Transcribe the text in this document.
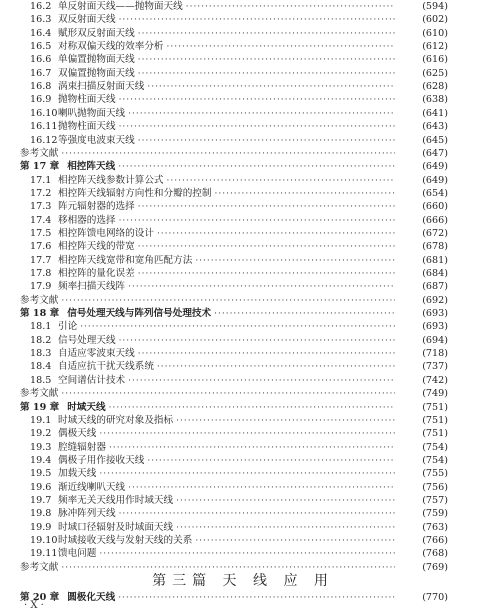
16.2 单反射面天线——抛物面天线 ·····	(594)
16.3 双反射面天线 ·····	(602)
16.4 赋形双反射面天线 ·····	(610)
16.5 对称双偏天线的效率分析 ·····	(612)
16.6 单偏置抛物面天线 ·····	(616)
16.7 双偏置抛物面天线 ·····	(625)
16.8 涡束扫描反射面天线 ·····	(628)
16.9 抛物柱面天线 ·····	(638)
16.10 喇叭抛物面天线 ·····	(641)
16.11 抛物柱面天线 ·····	(643)
16.12 等强度电波束天线 ·····	(645)
参考文献 ·····	(647)
第 17 章 相控阵天线 ·····	(649)
17.1 相控阵天线参数计算公式 ·····	(649)
17.2 相控阵天线辐射方向性和分瓣的控制 ·····	(654)
17.3 阵元辐射器的选择 ·····	(660)
17.4 移相器的选择 ·····	(666)
17.5 相控阵馈电网络的设计 ·····	(672)
17.6 相控阵天线的带宽 ·····	(678)
17.7 相控阵天线宽带和宽角匹配方法 ·····	(681)
17.8 相控阵的量化误差 ·····	(684)
17.9 频率扫描天线阵 ·····	(687)
参考文献 ·····	(692)
第 18 章 信号处理天线与阵列信号处理技术 ·····	(693)
18.1 引论 ·····	(693)
18.2 信号处理天线 ·····	(694)
18.3 自适应零波束天线 ·····	(718)
18.4 自适应抗干扰天线系统 ·····	(737)
18.5 空间谱估计技术 ·····	(742)
参考文献 ·····	(749)
第 19 章 时域天线 ·····	(751)
19.1 时域天线的研究对象及指标 ·····	(751)
19.2 偶极天线 ·····	(751)
19.3 腔缝辐射器 ·····	(754)
19.4 偶极子用作接收天线 ·····	(754)
19.5 加载天线 ·····	(755)
19.6 渐近线喇叭天线 ·····	(756)
19.7 频率无关天线用作时域天线 ·····	(757)
19.8 脉冲阵列天线 ·····	(759)
19.9 时域口径辐射及时域面天线 ·····	(763)
19.10 时域接收天线与发射天线的关系 ·····	(766)
19.11 馈电问题 ·····	(768)
参考文献 ·····	(769)
第三篇 天 线 应 用
第 20 章 圆极化天线 ·····	(770)
· X ·
